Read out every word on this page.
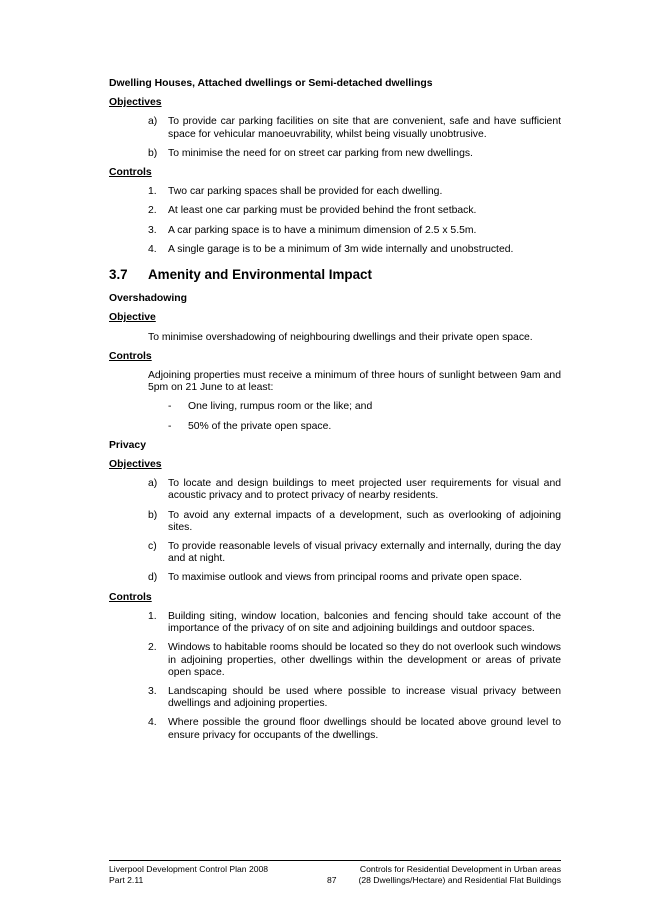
Dwelling Houses, Attached dwellings or Semi-detached dwellings
Objectives
a)	To provide car parking facilities on site that are convenient, safe and have sufficient space for vehicular manoeuvrability, whilst being visually unobtrusive.
b)	To minimise the need for on street car parking from new dwellings.
Controls
1.	Two car parking spaces shall be provided for each dwelling.
2.	At least one car parking must be provided behind the front setback.
3.	A car parking space is to have a minimum dimension of 2.5 x 5.5m.
4.	A single garage is to be a minimum of 3m wide internally and unobstructed.
3.7	Amenity and Environmental Impact
Overshadowing
Objective
To minimise overshadowing of neighbouring dwellings and their private open space.
Controls
Adjoining properties must receive a minimum of three hours of sunlight between 9am and 5pm on 21 June to at least:
-	One living, rumpus room or the like; and
-	50% of the private open space.
Privacy
Objectives
a)	To locate and design buildings to meet projected user requirements for visual and acoustic privacy and to protect privacy of nearby residents.
b)	To avoid any external impacts of a development, such as overlooking of adjoining sites.
c)	To provide reasonable levels of visual privacy externally and internally, during the day and at night.
d)	To maximise outlook and views from principal rooms and private open space.
Controls
1.	Building siting, window location, balconies and fencing should take account of the importance of the privacy of on site and adjoining buildings and outdoor spaces.
2.	Windows to habitable rooms should be located so they do not overlook such windows in adjoining properties, other dwellings within the development or areas of private open space.
3.	Landscaping should be used where possible to increase visual privacy between dwellings and adjoining properties.
4.	Where possible the ground floor dwellings should be located above ground level to ensure privacy for occupants of the dwellings.
Liverpool Development Control Plan 2008	Controls for Residential Development in Urban areas
Part 2.11	(28 Dwellings/Hectare) and Residential Flat Buildings
87
